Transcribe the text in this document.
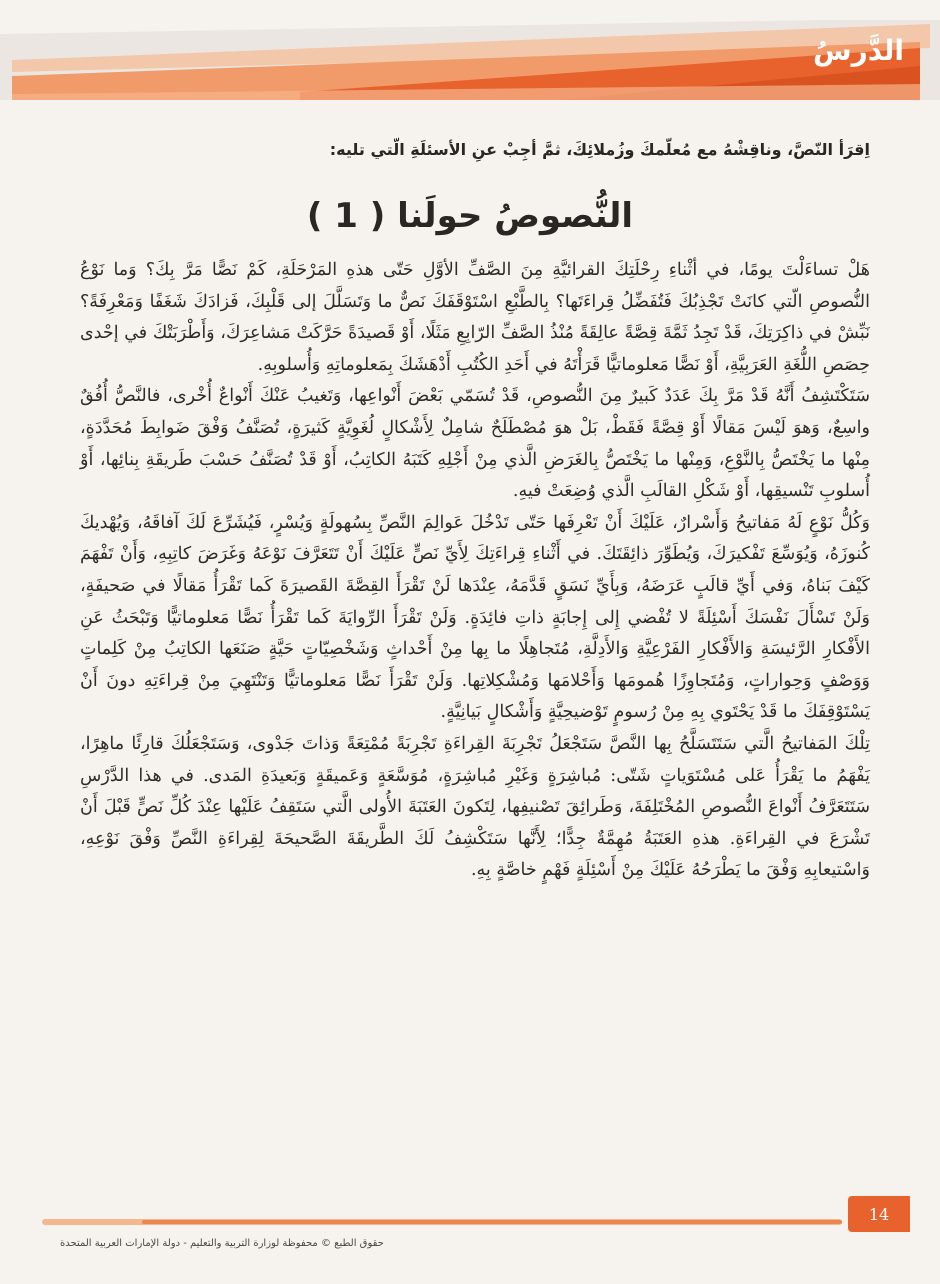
الدَّرسُ
اِقرَأ النّصَّ، وناقِشْهُ مع مُعلّمكَ وزُملائِكَ، ثمَّ أجِبْ عنِ الأسئلَةِ الّتي تليه:
النُّصوصُ حولَنا ( 1 )

هَلْ تساءَلْتَ يومًا، في أثْناءِ رِحْلَتِكَ القرائيَّةِ مِنَ الصَّفِّ الأوَّلِ حَتّى هذهِ المَرْحَلَةِ، كَمْ نَصًّا مَرَّ بِكَ؟ وَما نَوْعُ النُّصوصِ الّتي كانَتْ تَجْذِبُكَ فَتُفَضِّلُ قِراءَتَها؟ بِالطَّبْعِ اسْتَوْقَفَكَ نَصٌّ ما وَتَسَلَّلَ إلى قَلْبِكَ، فَزادَكَ شَغَفًا وَمَعْرِفَةً؟ نَبِّشْ في ذاكِرَتِكَ، قَدْ تَجِدُ ثَمَّةَ قِصَّةً عالِقَةً مُنْذُ الصَّفِّ الرّابِعِ مَثَلًا، أَوْ قَصيدَةً حَرَّكَتْ مَشاعِرَكَ، وَأَطْرَبَتْكَ في إحْدى حِصَصِ اللُّغَةِ العَرَبِيَّةِ، أَوْ نَصًّا مَعلوماتيًّا قَرَأْتَهُ في أَحَدِ الكُتُبِ أَدْهَشَكَ بِمَعلوماتِهِ وَأُسلوبِهِ.

سَتَكْتَشِفُ أَنَّهُ قَدْ مَرَّ بِكَ عَدَدٌ كَبيرٌ مِنَ النُّصوصِ، قَدْ تُسَمّي بَعْضَ أَنْواعِها، وَتَغيبُ عَنْكَ أَنْواعٌ أُخْرى، فالنَّصُّ أُفُقٌ واسِعٌ، وَهوَ لَيْسَ مَقالًا أَوْ قِصَّةً فَقَطْ، بَلْ هوَ مُصْطَلَحٌ شامِلٌ لِأَشْكالٍ لُغَوِيَّةٍ كَثيرَةٍ، تُصَنَّفُ وَفْقَ ضَوابِطَ مُحَدَّدَةٍ، مِنْها ما يَخْتَصُّ بِالنَّوْعِ، وَمِنْها ما يَخْتَصُّ بِالغَرَضِ الَّذي مِنْ أَجْلِهِ كَتَبَهُ الكاتِبُ، أَوْ قَدْ تُصَنَّفُ حَسْبَ طَريقَةِ بِنائِها، أَوْ أُسلوبِ تَنْسيقِها، أَوْ شَكْلِ القالَبِ الَّذي وُضِعَتْ فيهِ.

وَكُلُّ نَوْعٍ لَهُ مَفاتيحُ وَأَسْرارٌ، عَلَيْكَ أَنْ تَعْرِفَها حَتّى تَدْخُلَ عَوالِمَ النَّصِّ بِسُهولَةٍ وَيُسْرٍ، فَيُشَرِّعَ لَكَ آفاقَهُ، وَيُهْديكَ كُنوزَهُ، وَيُوَسِّعَ تَفْكيرَكَ، وَيُطَوِّرَ ذائِقَتَكَ. في أَثْناءِ قِراءَتِكَ لِأَيِّ نَصٍّ عَلَيْكَ أَنْ تَتَعَرَّفَ نَوْعَهُ وَغَرَضَ كاتِبِهِ، وَأَنْ تَفْهَمَ كَيْفَ بَناهُ، وَفي أَيِّ قالَبٍ عَرَضَهُ، وَبِأَيِّ نَسَقٍ قَدَّمَهُ، عِنْدَها لَنْ تَقْرَأَ القِصَّةَ القَصيرَةَ كَما تَقْرَأُ مَقالًا في صَحيفَةٍ، وَلَنْ تَسْأَلَ نَفْسَكَ أَسْئِلَةً لا تُفْضي إِلى إِجابَةٍ ذاتِ فائِدَةٍ. وَلَنْ تَقْرَأَ الرِّوايَةَ كَما تَقْرَأُ نَصًّا مَعلوماتيًّا وَتَبْحَثُ عَنِ الأَفْكارِ الرَّئيسَةِ وَالأَفْكارِ الفَرْعِيَّةِ وَالأَدِلَّةِ، مُتَجاهِلًا ما بِها مِنْ أَحْداثٍ وَشَخْصِيّاتٍ حَيَّةٍ صَنَعَها الكاتِبُ مِنْ كَلِماتٍ وَوَصْفٍ وَحِواراتٍ، وَمُتَجاوِزًا هُمومَها وَأَحْلامَها وَمُشْكِلاتِها. وَلَنْ تَقْرَأَ نَصًّا مَعلوماتيًّا وَتَنْتَهِيَ مِنْ قِراءَتِهِ دونَ أَنْ يَسْتَوْقِفَكَ ما قَدْ يَحْتَوي بِهِ مِنْ رُسومٍ تَوْضيحِيَّةٍ وَأَشْكالٍ بَيانِيَّةٍ.

تِلْكَ المَفاتيحُ الَّتي سَتَتَسَلَّحُ بِها النَّصَّ سَتَجْعَلُ تَجْرِبَةَ القِراءَةِ تَجْرِبَةً مُمْتِعَةً وَذاتَ جَدْوى، وَسَتَجْعَلُكَ قارِئًا ماهِرًا، يَفْهَمُ ما يَقْرَأُ عَلى مُسْتَوَياتٍ شَتّى: مُباشِرَةٍ وَغَيْرِ مُباشِرَةٍ، مُوَسَّعَةٍ وَعَميقَةٍ وَبَعيدَةِ المَدى. في هذا الدَّرْسِ سَتَتَعَرَّفُ أَنْواعَ النُّصوصِ المُخْتَلِفَةَ، وَطَرائِقَ تَصْنيفِها، لِتَكونَ العَتَبَةَ الأُولى الَّتي سَتَقِفُ عَلَيْها عِنْدَ كُلِّ نَصٍّ قَبْلَ أَنْ تَشْرَعَ في القِراءَةِ. هذهِ العَتَبَةُ مُهِمَّةٌ جِدًّا؛ لِأَنَّها سَتَكْشِفُ لَكَ الطَّريقَةَ الصَّحيحَةَ لِقِراءَةِ النَّصِّ وَفْقَ نَوْعِهِ، وَاسْتيعابِهِ وَفْقَ ما يَطْرَحُهُ عَلَيْكَ مِنْ أَسْئِلَةٍ فَهْمٍ خاصَّةٍ بِهِ.

14
حقوق الطبع © محفوظة لوزارة التربية والتعليم - دولة الإمارات العربية المتحدة
